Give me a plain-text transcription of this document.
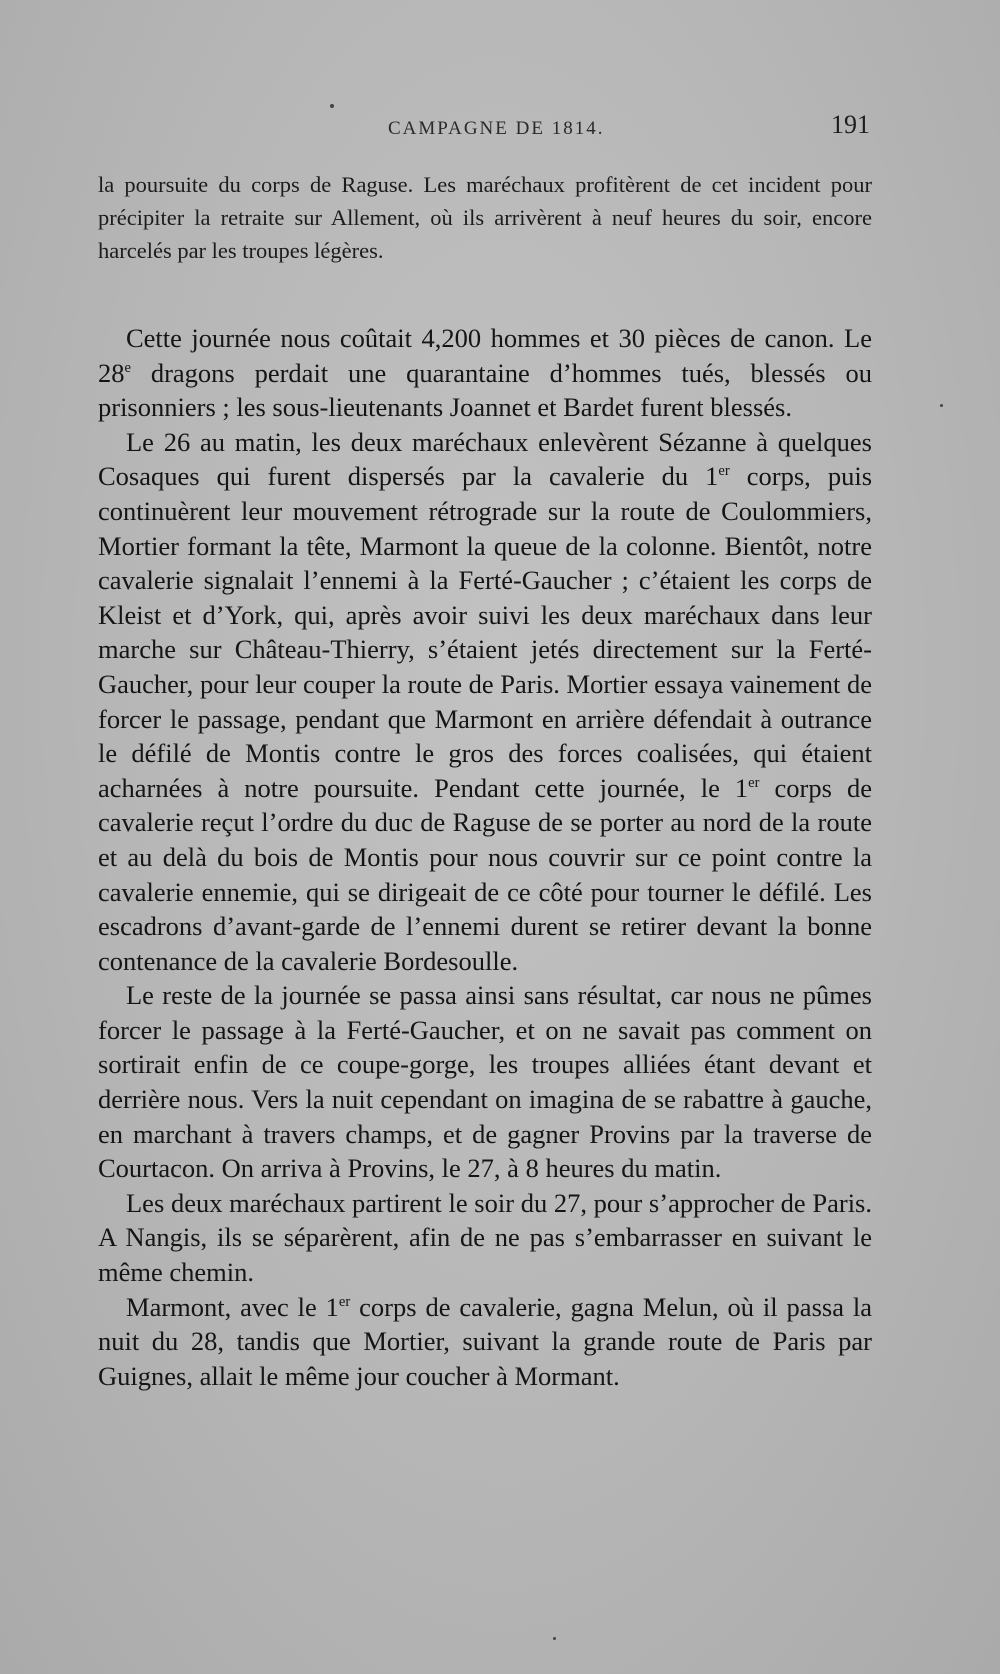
CAMPAGNE DE 1814.	191

la poursuite du corps de Raguse. Les maréchaux profitèrent de cet incident pour précipiter la retraite sur Allement, où ils arrivèrent à neuf heures du soir, encore harcelés par les troupes légères.

Cette journée nous coûtait 4,200 hommes et 30 pièces de canon. Le 28e dragons perdait une quarantaine d’hommes tués, blessés ou prisonniers ; les sous-lieutenants Joannet et Bardet furent blessés.

Le 26 au matin, les deux maréchaux enlevèrent Sézanne à quelques Cosaques qui furent dispersés par la cavalerie du 1er corps, puis continuèrent leur mouvement rétrograde sur la route de Coulommiers, Mortier formant la tête, Marmont la queue de la colonne. Bientôt, notre cavalerie signalait l’ennemi à la Ferté-Gaucher ; c’étaient les corps de Kleist et d’York, qui, après avoir suivi les deux maréchaux dans leur marche sur Château-Thierry, s’étaient jetés directement sur la Ferté-Gaucher, pour leur couper la route de Paris. Mortier essaya vainement de forcer le passage, pendant que Marmont en arrière défendait à outrance le défilé de Montis contre le gros des forces coalisées, qui étaient acharnées à notre poursuite. Pendant cette journée, le 1er corps de cavalerie reçut l’ordre du duc de Raguse de se porter au nord de la route et au delà du bois de Montis pour nous couvrir sur ce point contre la cavalerie ennemie, qui se dirigeait de ce côté pour tourner le défilé. Les escadrons d’avant-garde de l’ennemi durent se retirer devant la bonne contenance de la cavalerie Bordesoulle.

Le reste de la journée se passa ainsi sans résultat, car nous ne pûmes forcer le passage à la Ferté-Gaucher, et on ne savait pas comment on sortirait enfin de ce coupe-gorge, les troupes alliées étant devant et derrière nous. Vers la nuit cependant on imagina de se rabattre à gauche, en marchant à travers champs, et de gagner Provins par la traverse de Courtacon. On arriva à Provins, le 27, à 8 heures du matin.

Les deux maréchaux partirent le soir du 27, pour s’approcher de Paris. A Nangis, ils se séparèrent, afin de ne pas s’embarrasser en suivant le même chemin.

Marmont, avec le 1er corps de cavalerie, gagna Melun, où il passa la nuit du 28, tandis que Mortier, suivant la grande route de Paris par Guignes, allait le même jour coucher à Mormant.
